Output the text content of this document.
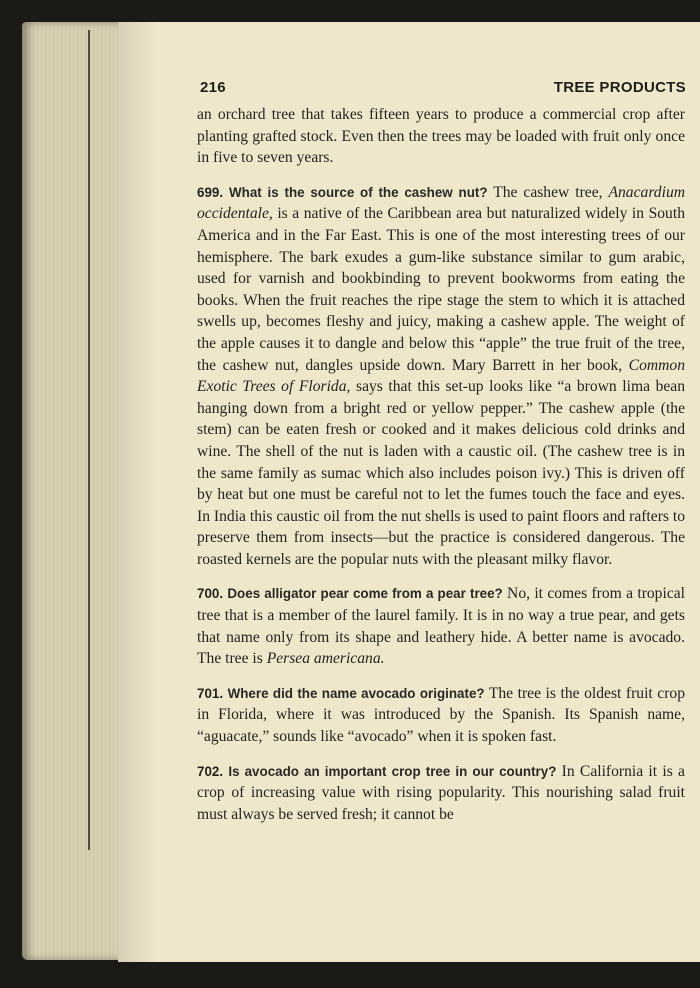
216	TREE PRODUCTS

an orchard tree that takes fifteen years to produce a commercial crop after planting grafted stock. Even then the trees may be loaded with fruit only once in five to seven years.

699. What is the source of the cashew nut? The cashew tree, Anacardium occidentale, is a native of the Caribbean area but naturalized widely in South America and in the Far East. This is one of the most interesting trees of our hemisphere. The bark exudes a gum-like substance similar to gum arabic, used for varnish and bookbinding to prevent bookworms from eating the books. When the fruit reaches the ripe stage the stem to which it is attached swells up, becomes fleshy and juicy, making a cashew apple. The weight of the apple causes it to dangle and below this “apple” the true fruit of the tree, the cashew nut, dangles upside down. Mary Barrett in her book, Common Exotic Trees of Florida, says that this set-up looks like “a brown lima bean hanging down from a bright red or yellow pepper.” The cashew apple (the stem) can be eaten fresh or cooked and it makes delicious cold drinks and wine. The shell of the nut is laden with a caustic oil. (The cashew tree is in the same family as sumac which also includes poison ivy.) This is driven off by heat but one must be careful not to let the fumes touch the face and eyes. In India this caustic oil from the nut shells is used to paint floors and rafters to preserve them from insects—but the practice is considered dangerous. The roasted kernels are the popular nuts with the pleasant milky flavor.

700. Does alligator pear come from a pear tree? No, it comes from a tropical tree that is a member of the laurel family. It is in no way a true pear, and gets that name only from its shape and leathery hide. A better name is avocado. The tree is Persea americana.

701. Where did the name avocado originate? The tree is the oldest fruit crop in Florida, where it was introduced by the Spanish. Its Spanish name, “aguacate,” sounds like “avocado” when it is spoken fast.

702. Is avocado an important crop tree in our country? In California it is a crop of increasing value with rising popularity. This nourishing salad fruit must always be served fresh; it cannot be
